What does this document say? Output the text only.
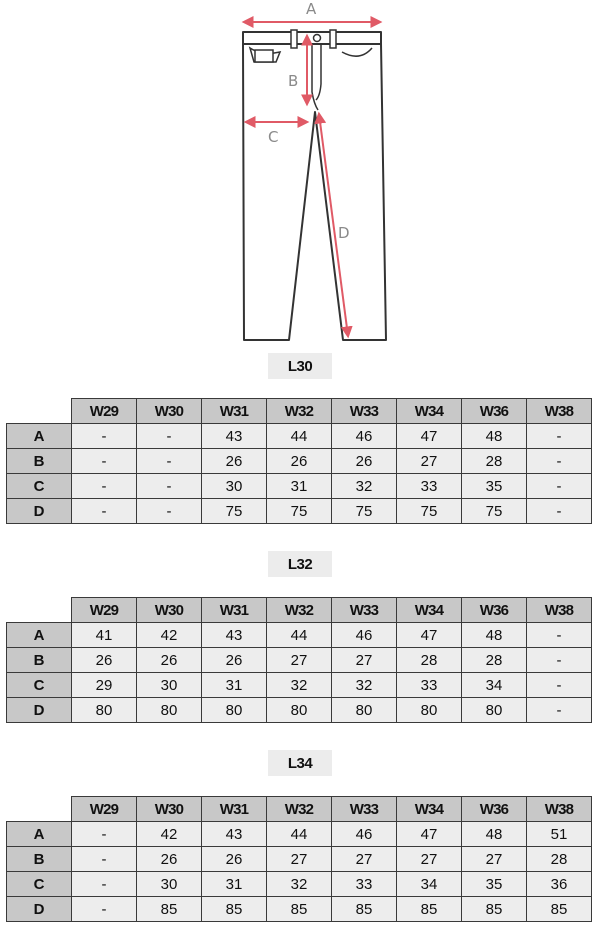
A
B
C
D
L30
	W29	W30	W31	W32	W33	W34	W36	W38
A	-	-	43	44	46	47	48	-
B	-	-	26	26	26	27	28	-
C	-	-	30	31	32	33	35	-
D	-	-	75	75	75	75	75	-
L32
	W29	W30	W31	W32	W33	W34	W36	W38
A	41	42	43	44	46	47	48	-
B	26	26	26	27	27	28	28	-
C	29	30	31	32	32	33	34	-
D	80	80	80	80	80	80	80	-
L34
	W29	W30	W31	W32	W33	W34	W36	W38
A	-	42	43	44	46	47	48	51
B	-	26	26	27	27	27	27	28
C	-	30	31	32	33	34	35	36
D	-	85	85	85	85	85	85	85
